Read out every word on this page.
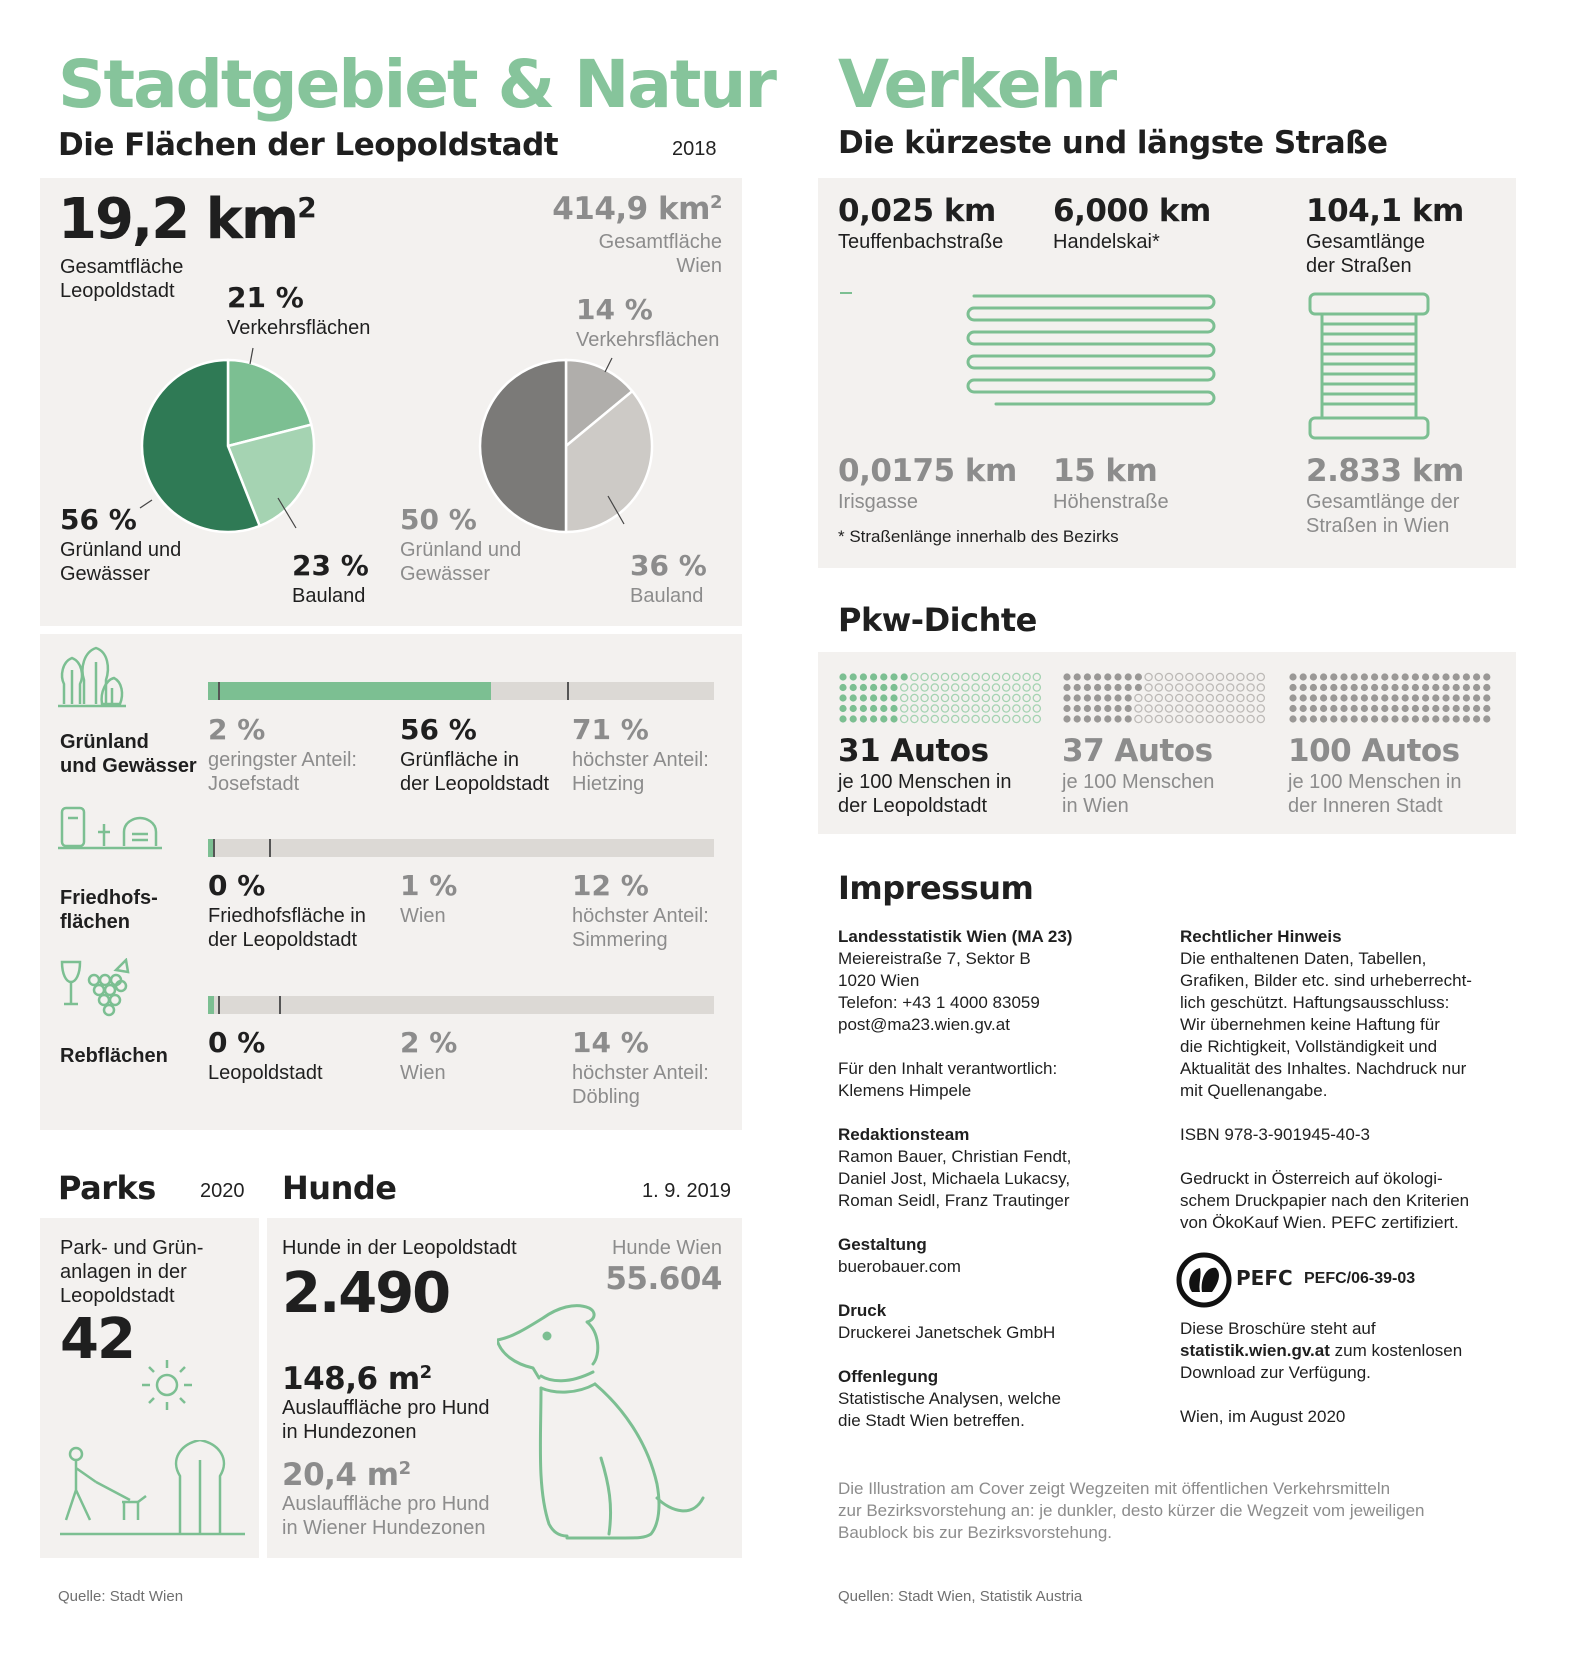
Stadtgebiet & Natur
Die Flächen der Leopoldstadt	2018
19,2 $km^2$
Gesamtfläche
Leopoldstadt
414,9 $km^2$
Gesamtfläche
Wien
21 %
Verkehrsflächen
56 %
Grünland und
Gewässer	23 %
Bauland
14 %
Verkehrsflächen
50 %
Grünland und
Gewässer	36 %
Bauland
Grünland
und Gewässer
2 %
geringster Anteil:
Josefstadt
56 %
Grünfläche in
der Leopoldstadt
71 %
höchster Anteil:
Hietzing
Friedhofs-
flächen
0 %
Friedhofsfläche in
der Leopoldstadt
1 %
Wien
12 %
höchster Anteil:
Simmering
Rebflächen 0 %
Leopoldstadt
2 %
Wien
14 %
höchster Anteil:
Döbling
Parks 2020 Hunde	1. 9. 2019
Park- und Grün-
anlagen in der
Leopoldstadt
42
Hunde in der Leopoldstadt
2.490
Hunde Wien
55.604
148,6 $m^2$
Auslauffläche pro Hund
in Hundezonen
20,4 $m^2$
Auslauffläche pro Hund
in Wiener Hundezonen
Quelle: Stadt Wien
Verkehr
Die kürzeste und längste Straße
0,025 km
Teuffenbachstraße
6,000 km
Handelskai*
104,1 km
Gesamtlänge
der Straßen
0,0175 km
Irisgasse
15 km
Höhenstraße
2.833 km
Gesamtlänge der
Straßen in Wien
* Straßenlänge innerhalb des Bezirks
Pkw-Dichte
31 Autos
je 100 Menschen in
der Leopoldstadt
37 Autos
je 100 Menschen
in Wien
100 Autos
je 100 Menschen in
der Inneren Stadt
Impressum
Landesstatistik Wien (MA 23)
Meiereistraße 7, Sektor B
1020 Wien
Telefon: +43 1 4000 83059
post@ma23.wien.gv.at
Für den Inhalt verantwortlich:
Klemens Himpele
Redaktionsteam
Ramon Bauer, Christian Fendt,
Daniel Jost, Michaela Lukacsy,
Roman Seidl, Franz Trautinger
Gestaltung
buerobauer.com
Druck
Druckerei Janetschek GmbH
Offenlegung
Statistische Analysen, welche
die Stadt Wien betreffen.
Rechtlicher Hinweis
Die enthaltenen Daten, Tabellen,
Grafiken, Bilder etc. sind urheberrecht-
lich geschützt. Haftungsausschluss:
Wir übernehmen keine Haftung für
die Richtigkeit, Vollständigkeit und
Aktualität des Inhaltes. Nachdruck nur
mit Quellenangabe.
ISBN 978-3-901945-40-3
Gedruckt in Österreich auf ökologi-
schem Druckpapier nach den Kriterien
von ÖkoKauf Wien. PEFC zertifiziert.
PEFC PEFC/06-39-03
Diese Broschüre steht auf
statistik.wien.gv.at zum kostenlosen
Download zur Verfügung.
Wien, im August 2020
Die Illustration am Cover zeigt Wegzeiten mit öffentlichen Verkehrsmitteln
zur Bezirksvorstehung an: je dunkler, desto kürzer die Wegzeit vom jeweiligen
Baublock bis zur Bezirksvorstehung.
Quellen: Stadt Wien, Statistik Austria
